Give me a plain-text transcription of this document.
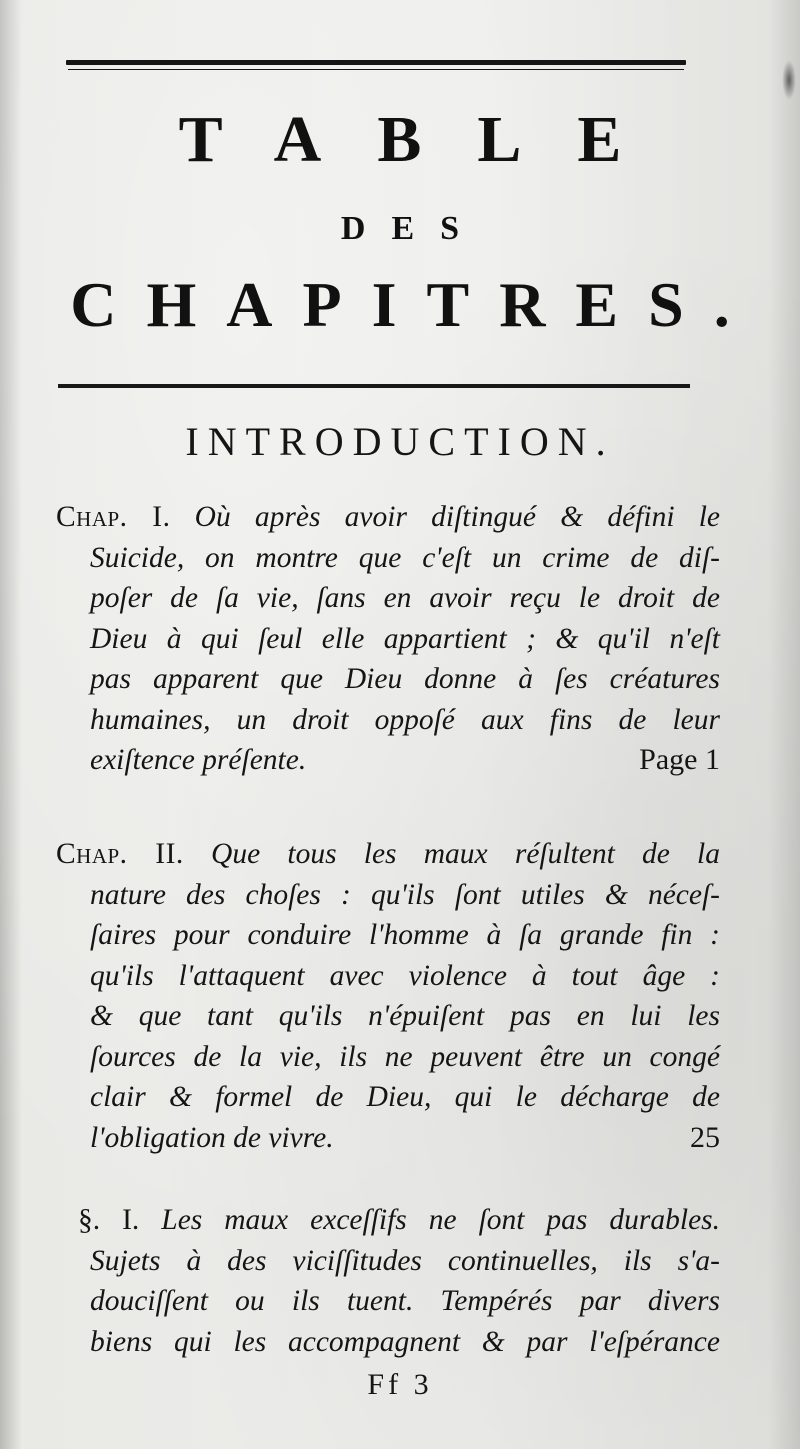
TABLE
DES
CHAPITRES.
INTRODUCTION.
Chap. I. Où après avoir diſtingué & défini le
Suicide, on montre que c'eſt un crime de diſ-
poſer de ſa vie, ſans en avoir reçu le droit de
Dieu à qui ſeul elle appartient ; & qu'il n'eſt
pas apparent que Dieu donne à ſes créatures
humaines, un droit oppoſé aux fins de leur
exiſtence préſente.	Page 1
Chap. II. Que tous les maux réſultent de la
nature des choſes : qu'ils ſont utiles & néceſ-
ſaires pour conduire l'homme à ſa grande fin :
qu'ils l'attaquent avec violence à tout âge :
& que tant qu'ils n'épuiſent pas en lui les
ſources de la vie, ils ne peuvent être un congé
clair & formel de Dieu, qui le décharge de
l'obligation de vivre.	25
§. I. Les maux exceſſifs ne ſont pas durables.
Sujets à des viciſſitudes continuelles, ils s'a-
douciſſent ou ils tuent. Tempérés par divers
biens qui les accompagnent & par l'eſpérance
Ff 3
